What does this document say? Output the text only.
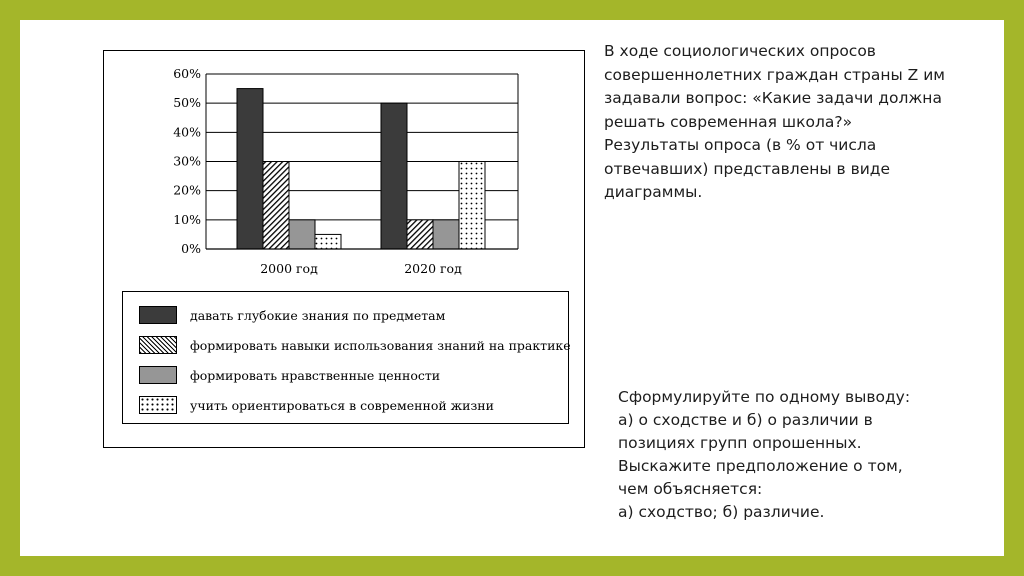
0%
10%
20%
30%
40%
50%
60%
2000 год	2020 год
давать глубокие знания по предметам
формировать навыки использования знаний на практике
формировать нравственные ценности
учить ориентироваться в современной жизни
В ходе социологических опросов
совершеннолетних граждан страны Z им
задавали вопрос: «Какие задачи должна
решать современная школа?»
Результаты опроса (в % от числа
отвечавших) представлены в виде
диаграммы.
Сформулируйте по одному выводу:
а) о сходстве и б) о различии в
позициях групп опрошенных.
Выскажите предположение о том,
чем объясняется:
а) сходство; б) различие.
